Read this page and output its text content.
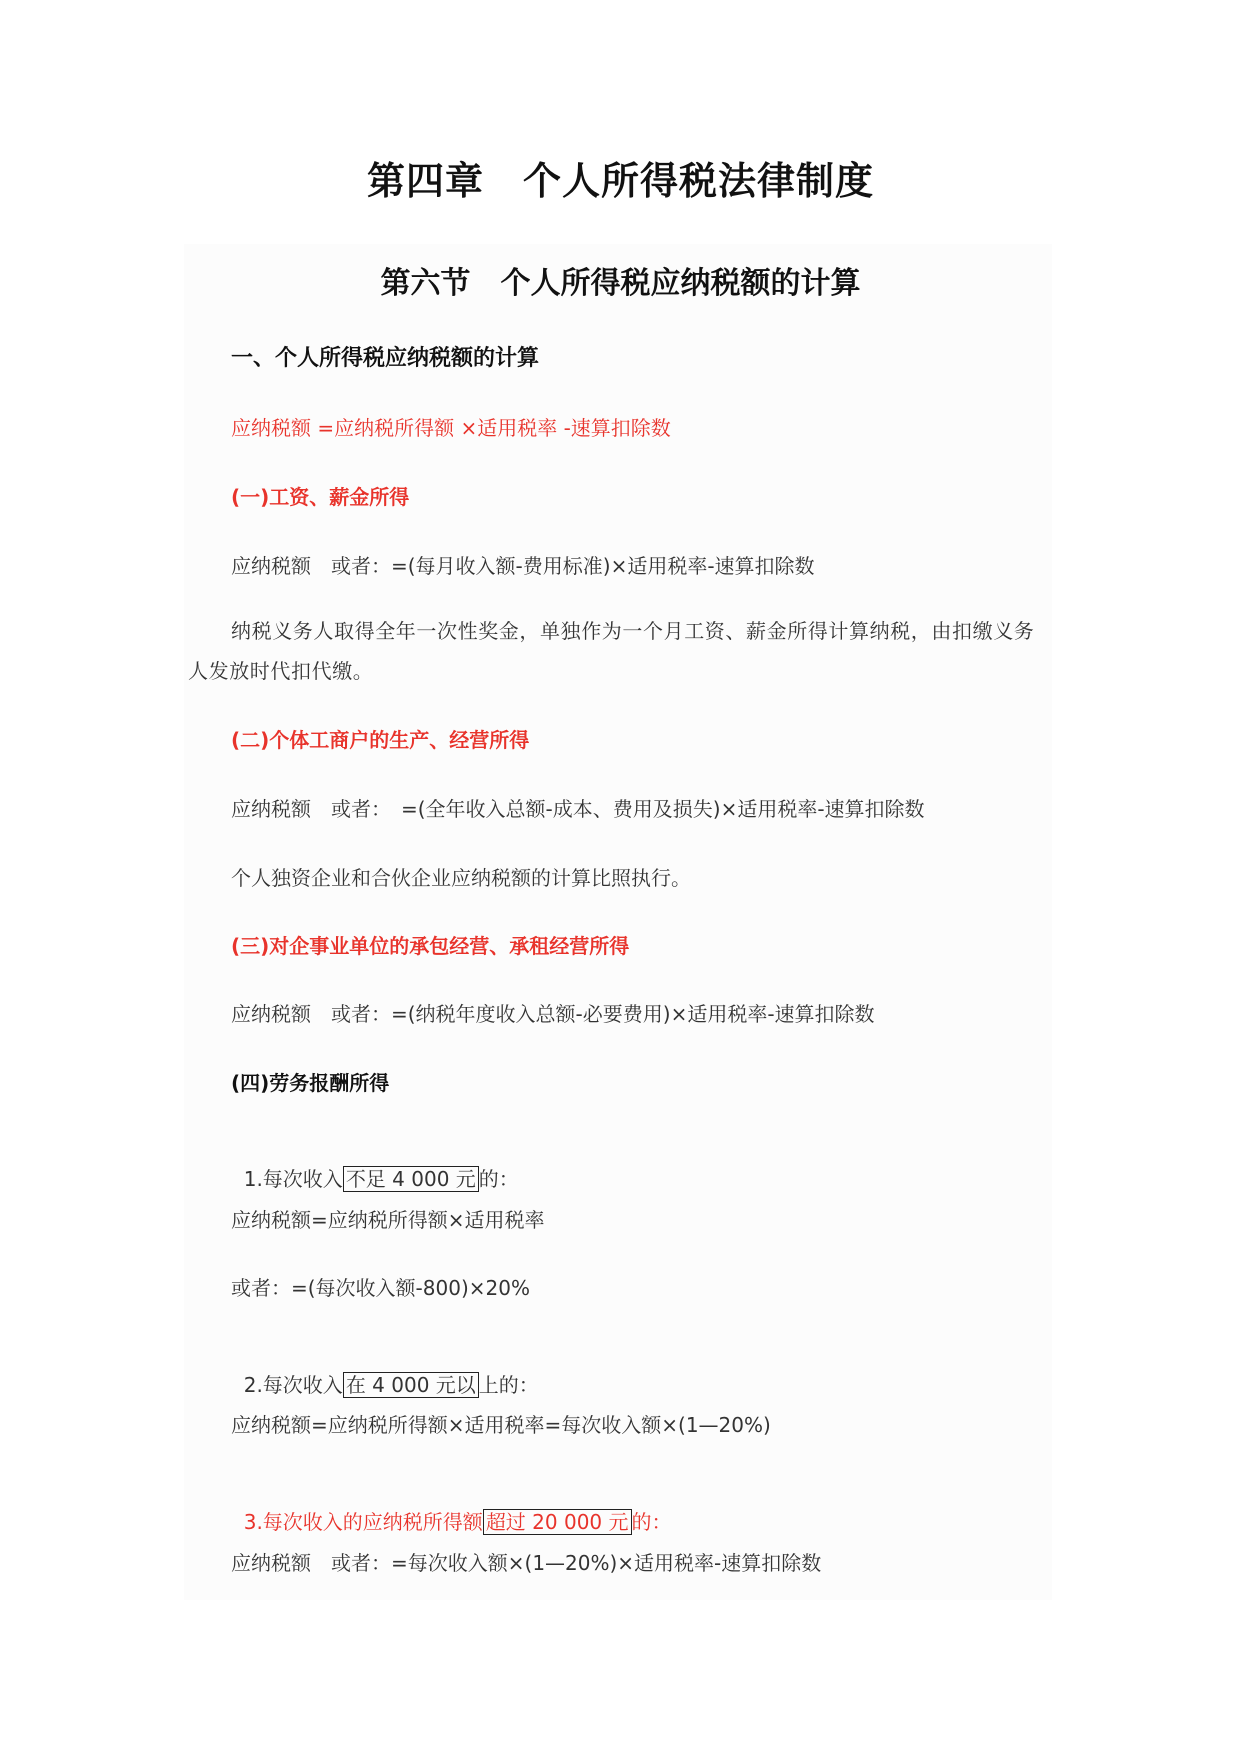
第四章　个人所得税法律制度
第六节　个人所得税应纳税额的计算
一、个人所得税应纳税额的计算
应纳税额 =应纳税所得额 ×适用税率 -速算扣除数
(一)工资、薪金所得
应纳税额　或者：=(每月收入额-费用标准)×适用税率-速算扣除数
纳税义务人取得全年一次性奖金，单独作为一个月工资、薪金所得计算纳税，由扣缴义务人发放时代扣代缴。
(二)个体工商户的生产、经营所得
应纳税额　或者：　=(全年收入总额-成本、费用及损失)×适用税率-速算扣除数
个人独资企业和合伙企业应纳税额的计算比照执行。
(三)对企事业单位的承包经营、承租经营所得
应纳税额　或者：=(纳税年度收入总额-必要费用)×适用税率-速算扣除数
(四)劳务报酬所得

1.每次收入 不足 4 000 元 的：

应纳税额=应纳税所得额×适用税率
或者：=(每次收入额-800)×20%

2.每次收入 在 4 000 元以 上的：

应纳税额=应纳税所得额×适用税率=每次收入额×(1—20%)

3.每次收入的应纳税所得额 超过 20 000 元 的：

应纳税额　或者：=每次收入额×(1—20%)×适用税率-速算扣除数
